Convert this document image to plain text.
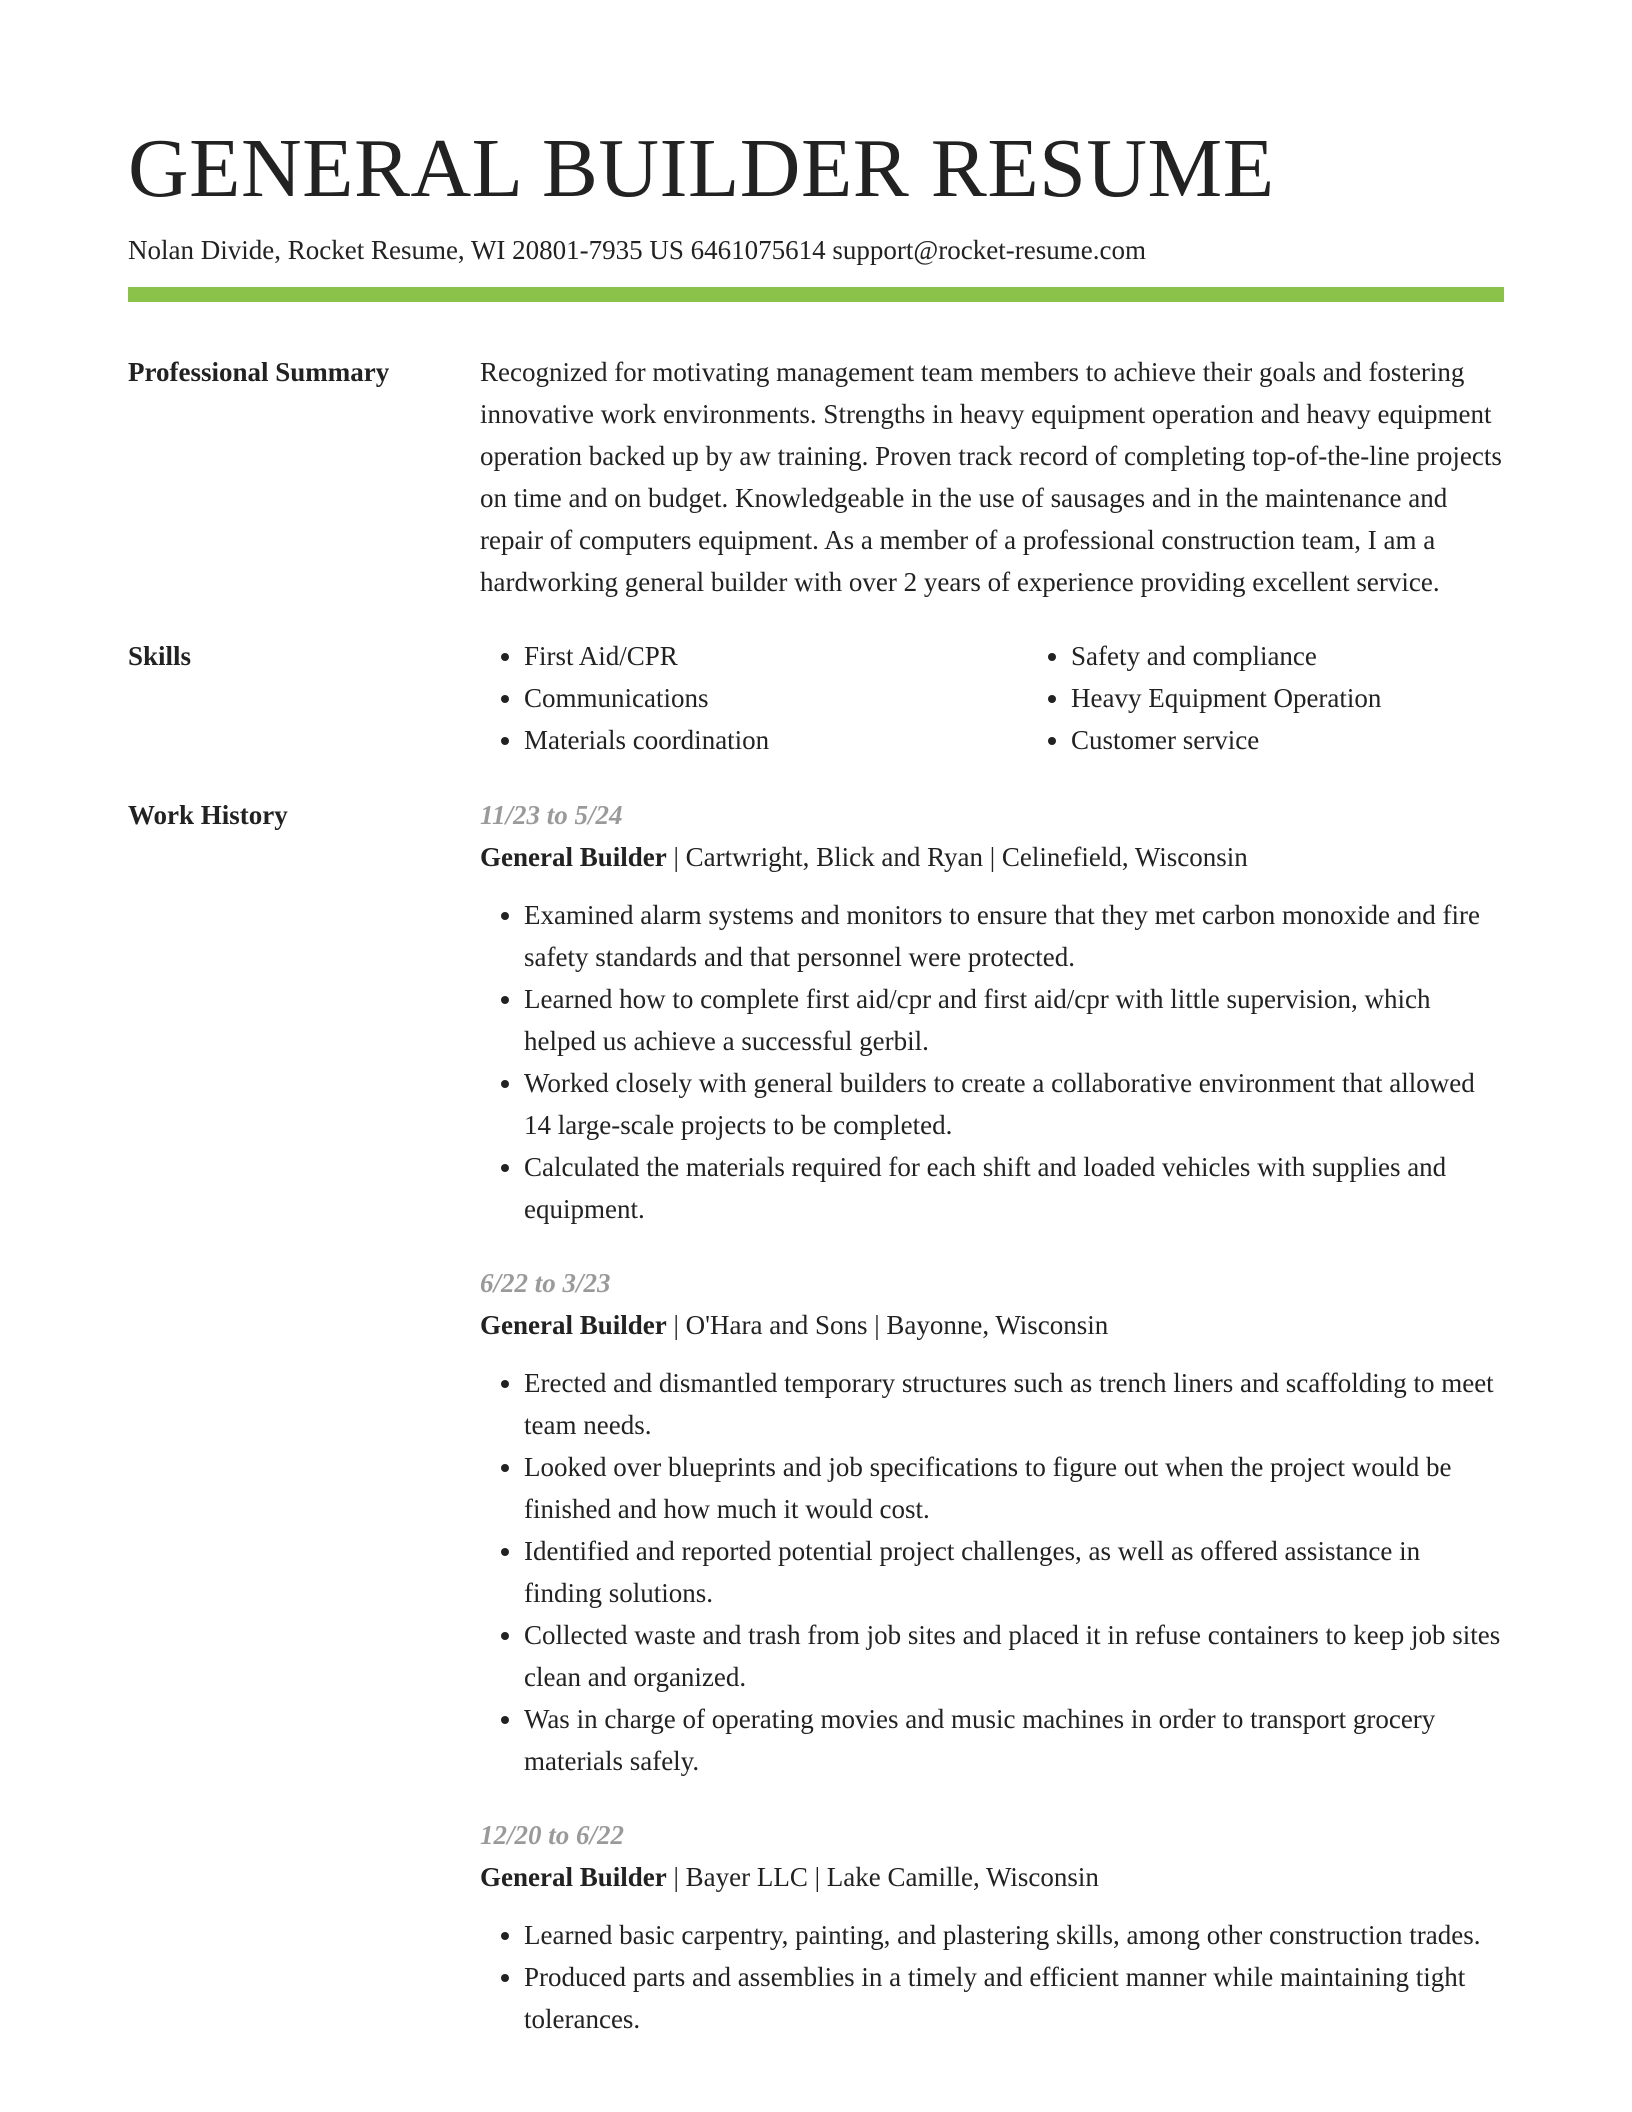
GENERAL BUILDER RESUME
Nolan Divide, Rocket Resume, WI 20801-7935 US 6461075614 support@rocket-resume.com
Professional Summary	Recognized for motivating management team members to achieve their goals and fostering innovative work environments. Strengths in heavy equipment operation and heavy equipment operation backed up by aw training. Proven track record of completing top-of-the-line projects on time and on budget. Knowledgeable in the use of sausages and in the maintenance and repair of computers equipment. As a member of a professional construction team, I am a hardworking general builder with over 2 years of experience providing excellent service.

Skills
•	First Aid/CPR
• Communications
• Materials coordination
• Safety and compliance
• Heavy Equipment Operation
• Customer service
Work History	11/23 to 5/24
General Builder | Cartwright, Blick and Ryan | Celinefield, Wisconsin
• Examined alarm systems and monitors to ensure that they met carbon monoxide and fire safety standards and that personnel were protected.
• Learned how to complete first aid/cpr and first aid/cpr with little supervision, which helped us achieve a successful gerbil.
• Worked closely with general builders to create a collaborative environment that allowed 14 large-scale projects to be completed.
• Calculated the materials required for each shift and loaded vehicles with supplies and equipment.
6/22 to 3/23
General Builder | O'Hara and Sons | Bayonne, Wisconsin
• Erected and dismantled temporary structures such as trench liners and scaffolding to meet team needs.
• Looked over blueprints and job specifications to figure out when the project would be finished and how much it would cost.
• Identified and reported potential project challenges, as well as offered assistance in finding solutions.
• Collected waste and trash from job sites and placed it in refuse containers to keep job sites clean and organized.
• Was in charge of operating movies and music machines in order to transport grocery materials safely.
12/20 to 6/22
General Builder | Bayer LLC | Lake Camille, Wisconsin
• Learned basic carpentry, painting, and plastering skills, among other construction trades.
• Produced parts and assemblies in a timely and efficient manner while maintaining tight tolerances.
